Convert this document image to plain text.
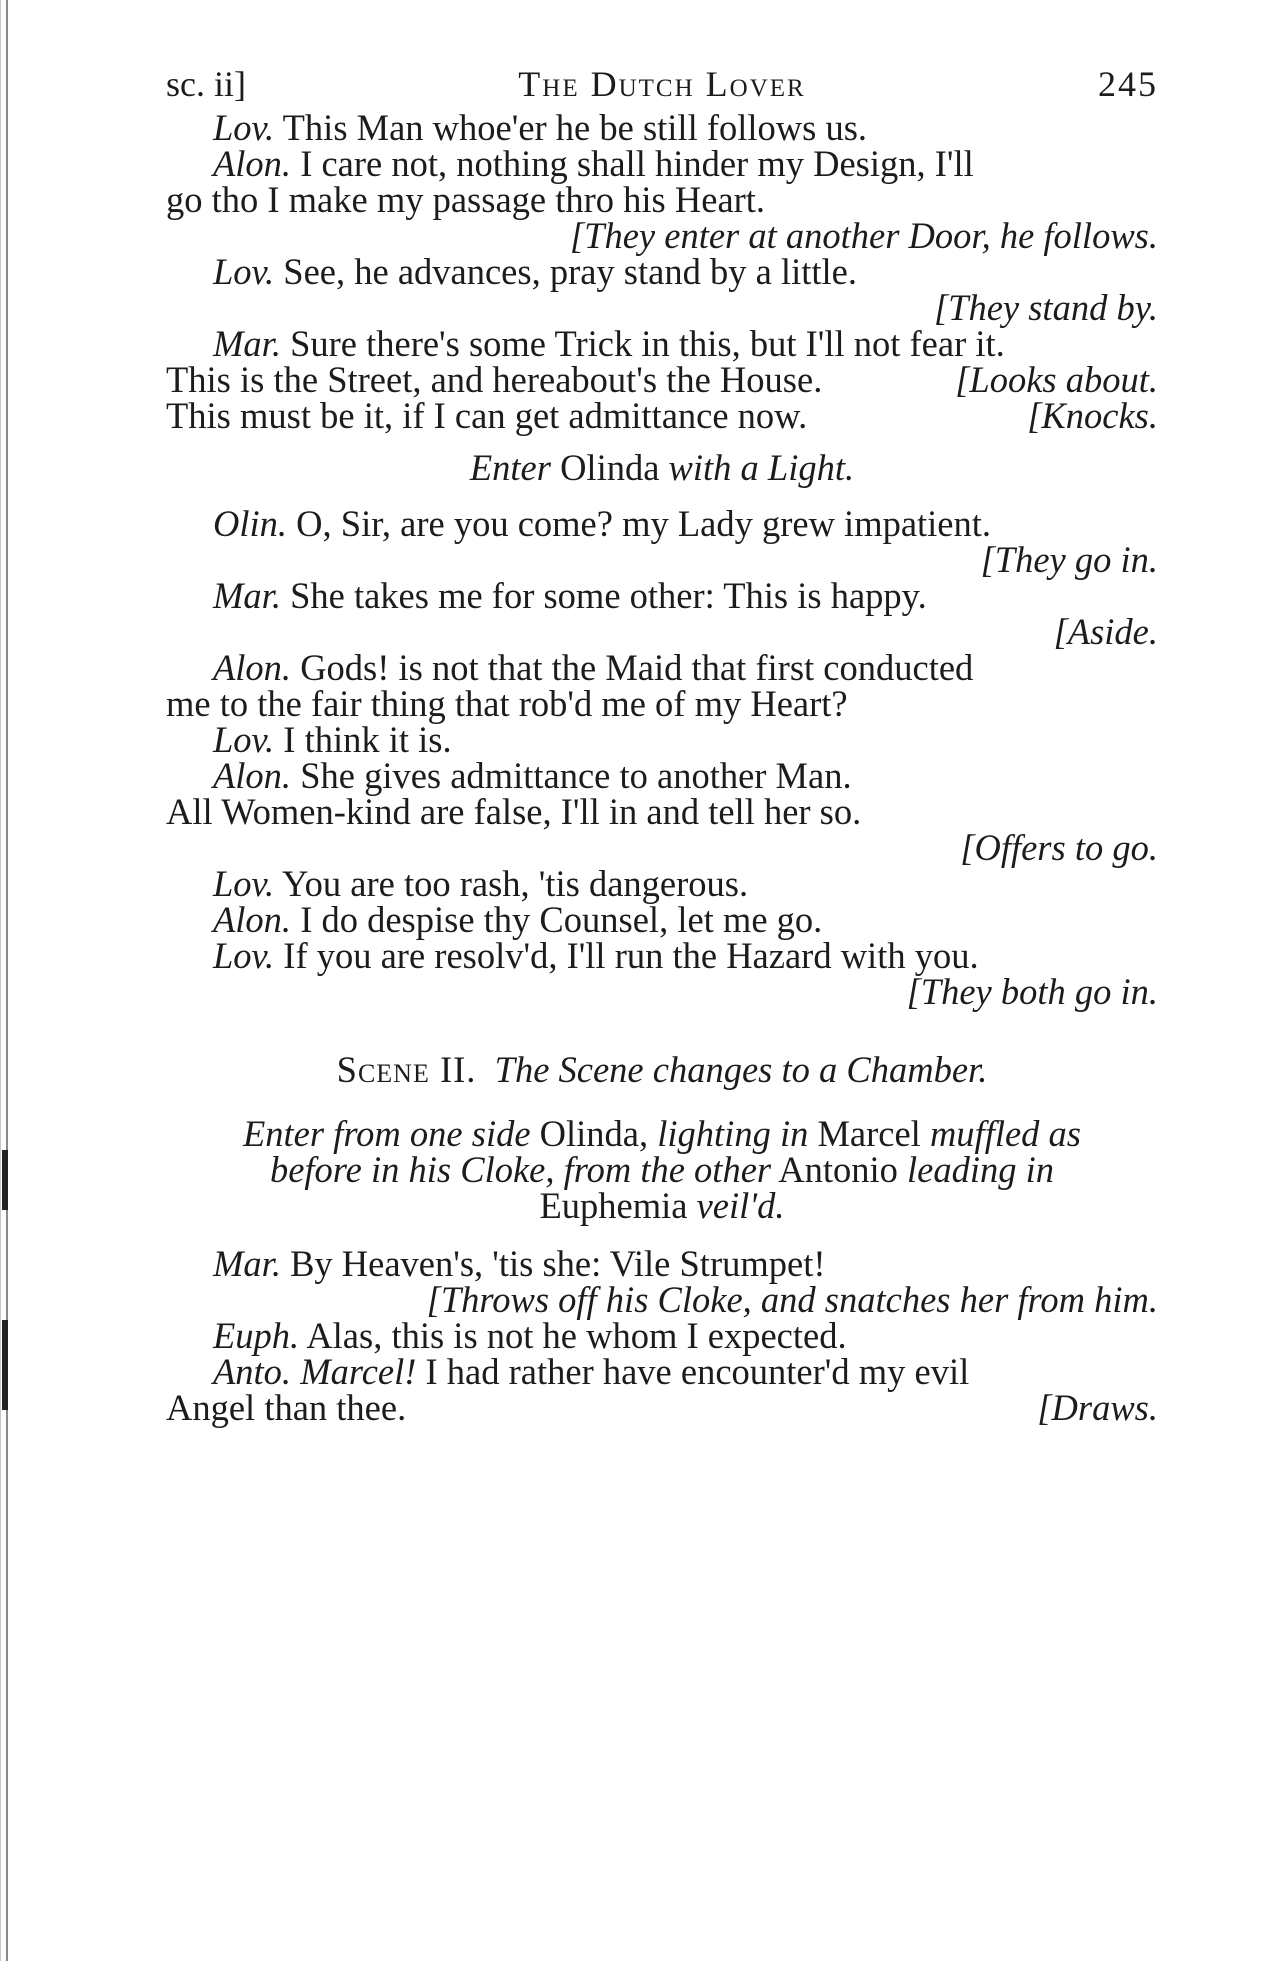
sc. ii]	The Dutch Lover	245
Lov. This Man whoe'er he be still follows us.
Alon. I care not, nothing shall hinder my Design, I'll
go tho I make my passage thro his Heart.
[They enter at another Door, he follows.
Lov. See, he advances, pray stand by a little.
[They stand by.
Mar. Sure there's some Trick in this, but I'll not fear it.
This is the Street, and hereabout's the House.	[Looks about.
This must be it, if I can get admittance now.	[Knocks.
Enter Olinda with a Light.
Olin. O, Sir, are you come? my Lady grew impatient.
[They go in.
Mar. She takes me for some other: This is happy.
[Aside.
Alon. Gods! is not that the Maid that first conducted
me to the fair thing that rob'd me of my Heart?
Lov. I think it is.
Alon. She gives admittance to another Man.
All Women-kind are false, I'll in and tell her so.
[Offers to go.
Lov. You are too rash, 'tis dangerous.
Alon. I do despise thy Counsel, let me go.
Lov. If you are resolv'd, I'll run the Hazard with you.
[They both go in.
Scene II. The Scene changes to a Chamber.
Enter from one side Olinda, lighting in Marcel muffled as
before in his Cloke, from the other Antonio leading in
Euphemia veil'd.
Mar. By Heaven's, 'tis she: Vile Strumpet!
[Throws off his Cloke, and snatches her from him.
Euph. Alas, this is not he whom I expected.
Anto. Marcel! I had rather have encounter'd my evil
Angel than thee.	[Draws.
